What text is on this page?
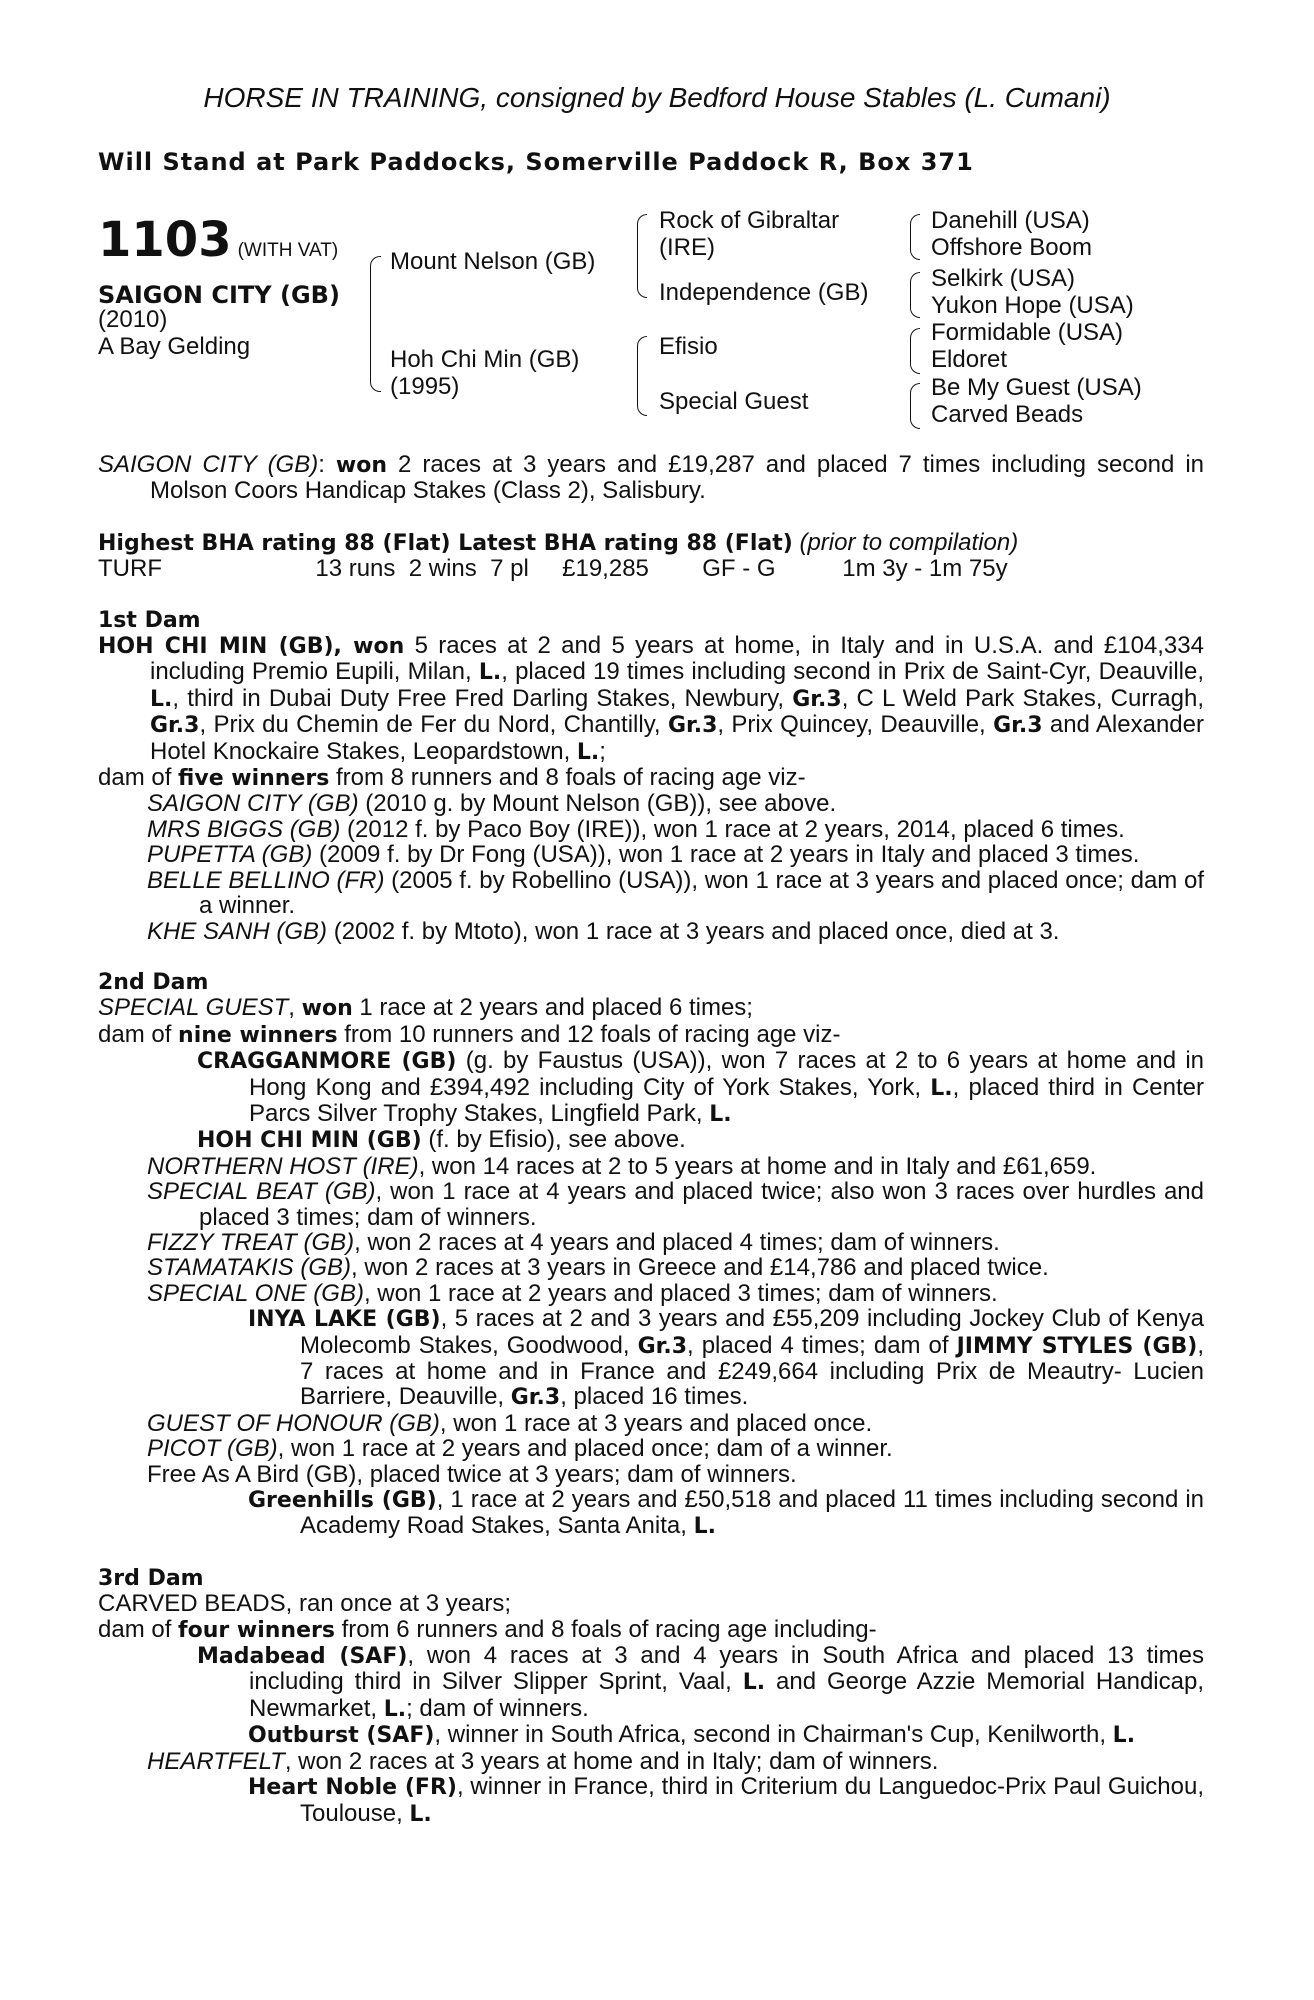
HORSE IN TRAINING, consigned by Bedford House Stables (L. Cumani)
Will Stand at Park Paddocks, Somerville Paddock R, Box 371
1103 (WITH VAT)
SAIGON CITY (GB)
(2010)
A Bay Gelding
Mount Nelson (GB)
Hoh Chi Min (GB)
(1995)
Rock of Gibraltar
(IRE)
Independence (GB)
Efisio
Special Guest
Danehill (USA)
Offshore Boom
Selkirk (USA)
Yukon Hope (USA)
Formidable (USA)
Eldoret
Be My Guest (USA)
Carved Beads

SAIGON CITY (GB): won 2 races at 3 years and £19,287 and placed 7 times including second in Molson Coors Handicap Stakes (Class 2), Salisbury.

Highest BHA rating 88 (Flat) Latest BHA rating 88 (Flat) (prior to compilation)

TURF                       13 runs  2 wins  7 pl     £19,285        GF - G          1m 3y - 1m 75y

1st Dam

HOH CHI MIN (GB), won 5 races at 2 and 5 years at home, in Italy and in U.S.A. and £104,334 including Premio Eupili, Milan, L., placed 19 times including second in Prix de Saint-Cyr, Deauville, L., third in Dubai Duty Free Fred Darling Stakes, Newbury, Gr.3, C L Weld Park Stakes, Curragh, Gr.3, Prix du Chemin de Fer du Nord, Chantilly, Gr.3, Prix Quincey, Deauville, Gr.3 and Alexander Hotel Knockaire Stakes, Leopardstown, L.;

dam of five winners from 8 runners and 8 foals of racing age viz-

SAIGON CITY (GB) (2010 g. by Mount Nelson (GB)), see above.

MRS BIGGS (GB) (2012 f. by Paco Boy (IRE)), won 1 race at 2 years, 2014, placed 6 times.

PUPETTA (GB) (2009 f. by Dr Fong (USA)), won 1 race at 2 years in Italy and placed 3 times.

BELLE BELLINO (FR) (2005 f. by Robellino (USA)), won 1 race at 3 years and placed once; dam of a winner.

KHE SANH (GB) (2002 f. by Mtoto), won 1 race at 3 years and placed once, died at 3.

2nd Dam

SPECIAL GUEST, won 1 race at 2 years and placed 6 times;

dam of nine winners from 10 runners and 12 foals of racing age viz-

CRAGGANMORE (GB) (g. by Faustus (USA)), won 7 races at 2 to 6 years at home and in Hong Kong and £394,492 including City of York Stakes, York, L., placed third in Center Parcs Silver Trophy Stakes, Lingfield Park, L.

HOH CHI MIN (GB) (f. by Efisio), see above.

NORTHERN HOST (IRE), won 14 races at 2 to 5 years at home and in Italy and £61,659.

SPECIAL BEAT (GB), won 1 race at 4 years and placed twice; also won 3 races over hurdles and placed 3 times; dam of winners.

FIZZY TREAT (GB), won 2 races at 4 years and placed 4 times; dam of winners.

STAMATAKIS (GB), won 2 races at 3 years in Greece and £14,786 and placed twice.

SPECIAL ONE (GB), won 1 race at 2 years and placed 3 times; dam of winners.

INYA LAKE (GB), 5 races at 2 and 3 years and £55,209 including Jockey Club of Kenya Molecomb Stakes, Goodwood, Gr.3, placed 4 times; dam of JIMMY STYLES (GB), 7 races at home and in France and £249,664 including Prix de Meautry- Lucien Barriere, Deauville, Gr.3, placed 16 times.

GUEST OF HONOUR (GB), won 1 race at 3 years and placed once.

PICOT (GB), won 1 race at 2 years and placed once; dam of a winner.

Free As A Bird (GB), placed twice at 3 years; dam of winners.

Greenhills (GB), 1 race at 2 years and £50,518 and placed 11 times including second in Academy Road Stakes, Santa Anita, L.

3rd Dam

CARVED BEADS, ran once at 3 years;

dam of four winners from 6 runners and 8 foals of racing age including-

Madabead (SAF), won 4 races at 3 and 4 years in South Africa and placed 13 times including third in Silver Slipper Sprint, Vaal, L. and George Azzie Memorial Handicap, Newmarket, L.; dam of winners.

Outburst (SAF), winner in South Africa, second in Chairman's Cup, Kenilworth, L.

HEARTFELT, won 2 races at 3 years at home and in Italy; dam of winners.

Heart Noble (FR), winner in France, third in Criterium du Languedoc-Prix Paul Guichou, Toulouse, L.
